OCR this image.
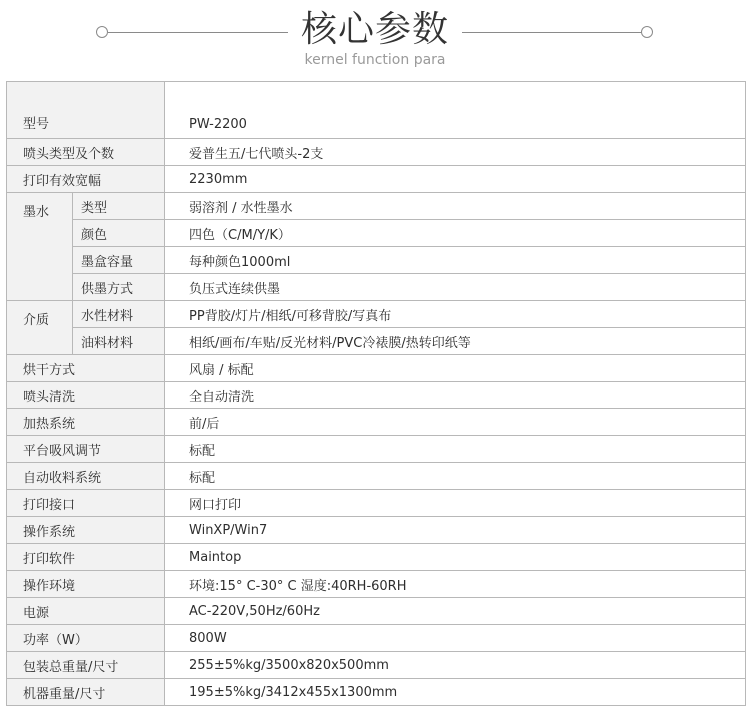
核心参数
kernel function para
型号		PW-2200
喷头类型及个数		爱普生五/七代喷头-2支
打印有效宽幅		2230mm
墨水	类型	弱溶剂 / 水性墨水
	颜色	四色（C/M/Y/K）
	墨盒容量	每种颜色1000ml
	供墨方式	负压式连续供墨
介质	水性材料	PP背胶/灯片/相纸/可移背胶/写真布
	油料材料	相纸/画布/车贴/反光材料/PVC冷裱膜/热转印纸等
烘干方式		风扇 / 标配
喷头清洗		全自动清洗
加热系统		前/后
平台吸风调节		标配
自动收料系统		标配
打印接口		网口打印
操作系统		WinXP/Win7
打印软件		Maintop
操作环境		环境:15° C-30° C 湿度:40RH-60RH
电源		AC-220V,50Hz/60Hz
功率（W）		800W
包装总重量/尺寸		255±5%kg/3500x820x500mm
机器重量/尺寸		195±5%kg/3412x455x1300mm
